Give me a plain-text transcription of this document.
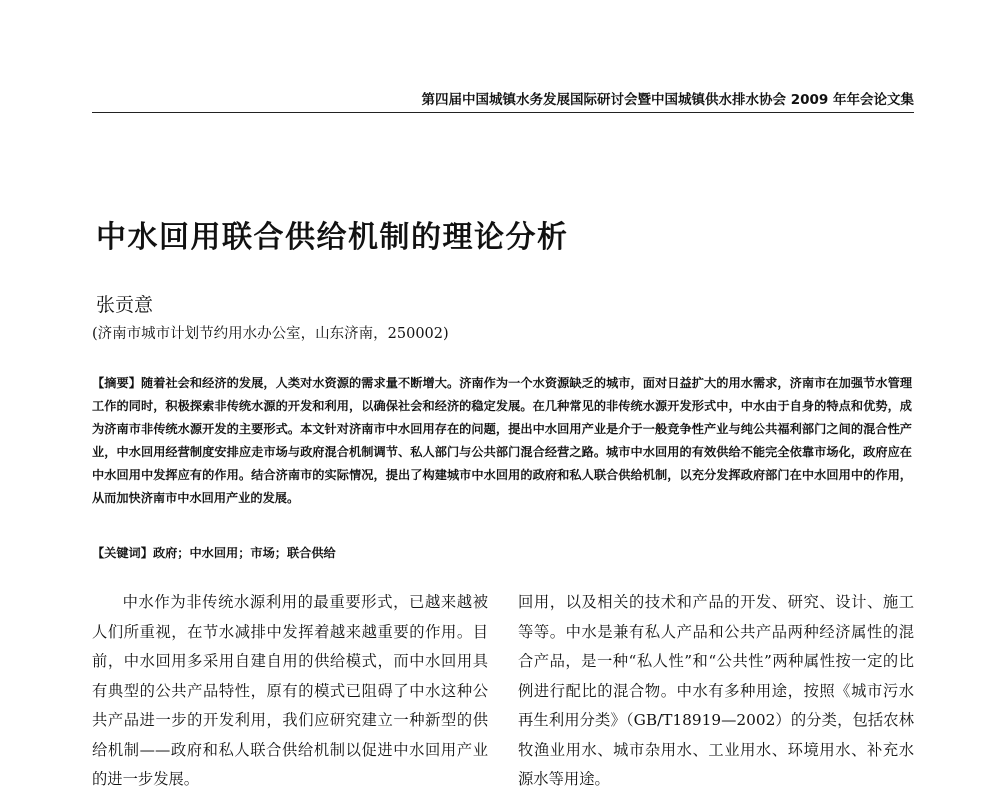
第四届中国城镇水务发展国际研讨会暨中国城镇供水排水协会 2009 年年会论文集
中水回用联合供给机制的理论分析
张贡意
(济南市城市计划节约用水办公室，山东济南，250002)

【摘要】随着社会和经济的发展，人类对水资源的需求量不断增大。济南作为一个水资源缺乏的城市，面对日益扩大的用水需求，济南市在加强节水管理工作的同时，积极探索非传统水源的开发和利用，以确保社会和经济的稳定发展。在几种常见的非传统水源开发形式中，中水由于自身的特点和优势，成为济南市非传统水源开发的主要形式。本文针对济南市中水回用存在的问题，提出中水回用产业是介于一般竞争性产业与纯公共福利部门之间的混合性产业，中水回用经营制度安排应走市场与政府混合机制调节、私人部门与公共部门混合经营之路。城市中水回用的有效供给不能完全依靠市场化，政府应在中水回用中发挥应有的作用。结合济南市的实际情况，提出了构建城市中水回用的政府和私人联合供给机制，以充分发挥政府部门在中水回用中的作用，从而加快济南市中水回用产业的发展。

【关键词】政府；中水回用；市场；联合供给

中水作为非传统水源利用的最重要形式，已越来越被人们所重视，在节水减排中发挥着越来越重要的作用。目前，中水回用多采用自建自用的供给模式，而中水回用具有典型的公共产品特性，原有的模式已阻碍了中水这种公共产品进一步的开发利用，我们应研究建立一种新型的供给机制——政府和私人联合供给机制以促进中水回用产业的进一步发展。

回用，以及相关的技术和产品的开发、研究、设计、施工等等。中水是兼有私人产品和公共产品两种经济属性的混合产品，是一种“私人性”和“公共性”两种属性按一定的比例进行配比的混合物。中水有多种用途，按照《城市污水再生利用分类》（GB/T18919—2002）的分类，包括农林牧渔业用水、城市杂用水、工业用水、环境用水、补充水源水等用途。
